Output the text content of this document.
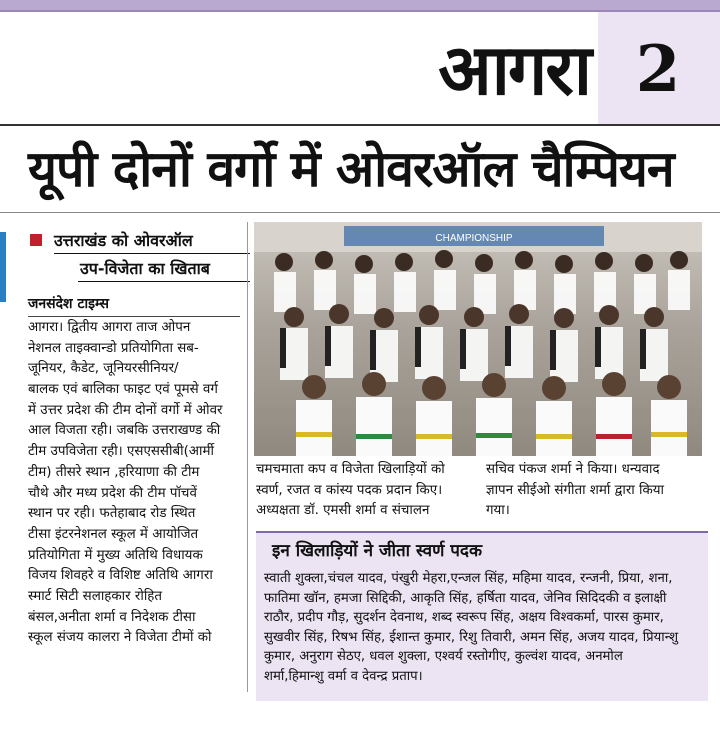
आगरा 2
यूपी दोनों वर्गो में ओवरऑल चैम्पियन
उत्तराखंड को ओवरऑल
उप-विजेता का खिताब
जनसंदेश टाइम्स

आगरा। द्वितीय आगरा ताज ओपन

नेशनल ताइक्वान्डो प्रतियोगिता सब-

जूनियर, कैडेट, जूनियरसीनियर/

बालक एवं बालिका फाइट एवं पूमसे वर्ग

में उत्तर प्रदेश की टीम दोनों वर्गो में ओवर

आल विजता रही। जबकि उत्तराखण्ड की

टीम उपविजेता रही। एसएससीबी(आर्मी

टीम) तीसरे स्थान ,हरियाणा की टीम

चौथे और मध्य प्रदेश की टीम पॉचवें

स्थान पर रही। फतेहाबाद रोड स्थित

टीसा इंटरनेशनल स्कूल में आयोजित

प्रतियोगिता में मुख्य अतिथि विधायक

विजय शिवहरे व विशिष्ट अतिथि आगरा

स्मार्ट सिटी सलाहकार रोहित

बंसल,अनीता शर्मा व निदेशक टीसा

स्कूल संजय कालरा ने विजेता टीमों को

CHAMPIONSHIP

चमचमाता कप व विजेता खिलाड़ियों को

स्वर्ण, रजत व कांस्य पदक प्रदान किए।

अध्यक्षता डॉ. एमसी शर्मा व संचालन

सचिव पंकज शर्मा ने किया। धन्यवाद

ज्ञापन सीईओ संगीता शर्मा द्वारा किया

गया।

इन खिलाड़ियों ने जीता स्वर्ण पदक

स्वाती शुक्ला,चंचल यादव, पंखुरी मेहरा,एन्जल सिंह, महिमा यादव, रन्जनी, प्रिया, शना,

फातिमा खॉन, हमजा सिद्दिकी, आकृति सिंह, हर्षिता यादव, जेनिव सिदिदकी व इलाक्षी

राठौर, प्रदीप गौड़, सुदर्शन देवनाथ, शब्द स्वरूप सिंह, अक्षय विश्वकर्मा, पारस कुमार,

सुखवीर सिंह, रिषभ सिंह, ईशान्त कुमार, रिशु तिवारी, अमन सिंह, अजय यादव, प्रियान्शु

कुमार, अनुराग सेठए, धवल शुक्ला, एश्वर्य रस्तोगीए, कुल्वंश यादव, अनमोल

शर्मा,हिमान्शु वर्मा व देवन्द्र प्रताप।
